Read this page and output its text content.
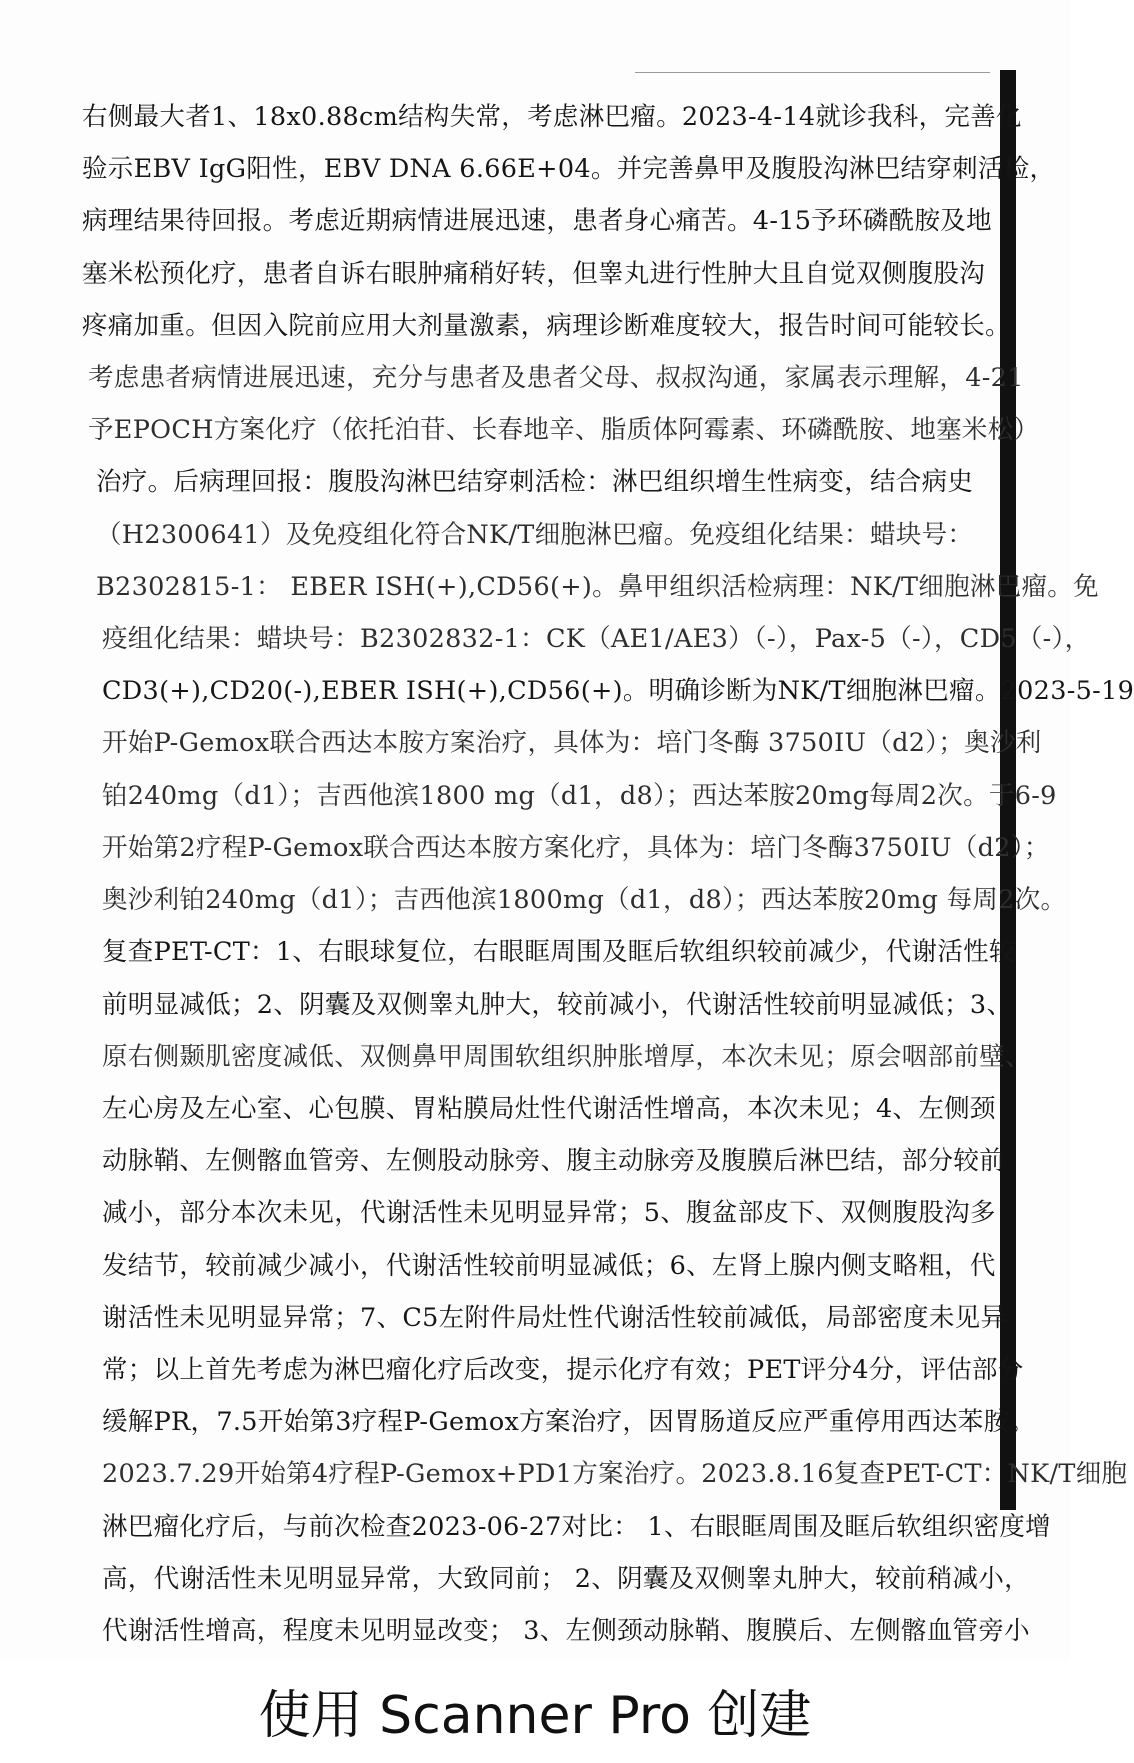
右侧最大者1、18x0.88cm结构失常，考虑淋巴瘤。2023-4-14就诊我科，完善化
验示EBV IgG阳性，EBV DNA 6.66E+04。并完善鼻甲及腹股沟淋巴结穿刺活检，
病理结果待回报。考虑近期病情进展迅速，患者身心痛苦。4-15予环磷酰胺及地
塞米松预化疗，患者自诉右眼肿痛稍好转，但睾丸进行性肿大且自觉双侧腹股沟
疼痛加重。但因入院前应用大剂量激素，病理诊断难度较大，报告时间可能较长。
考虑患者病情进展迅速，充分与患者及患者父母、叔叔沟通，家属表示理解，4-21
予EPOCH方案化疗（依托泊苷、长春地辛、脂质体阿霉素、环磷酰胺、地塞米松）
治疗。后病理回报：腹股沟淋巴结穿刺活检：淋巴组织增生性病变，结合病史
（H2300641）及免疫组化符合NK/T细胞淋巴瘤。免疫组化结果：蜡块号：
B2302815-1： EBER ISH(+),CD56(+)。鼻甲组织活检病理：NK/T细胞淋巴瘤。免
疫组化结果：蜡块号：B2302832-1：CK（AE1/AE3）（-），Pax-5（-），CD5（-），
CD3(+),CD20(-),EBER ISH(+),CD56(+)。明确诊断为NK/T细胞淋巴瘤。2023-5-19
开始P-Gemox联合西达本胺方案治疗，具体为：培门冬酶 3750IU（d2）；奥沙利
铂240mg（d1）；吉西他滨1800 mg（d1，d8）；西达苯胺20mg每周2次。于6-9
开始第2疗程P-Gemox联合西达本胺方案化疗，具体为：培门冬酶3750IU（d2）；
奥沙利铂240mg（d1）；吉西他滨1800mg（d1，d8）；西达苯胺20mg 每周2次。
复查PET-CT：1、右眼球复位，右眼眶周围及眶后软组织较前减少，代谢活性较
前明显减低；2、阴囊及双侧睾丸肿大，较前减小，代谢活性较前明显减低；3、
原右侧颞肌密度减低、双侧鼻甲周围软组织肿胀增厚，本次未见；原会咽部前壁、
左心房及左心室、心包膜、胃粘膜局灶性代谢活性增高，本次未见；4、左侧颈
动脉鞘、左侧髂血管旁、左侧股动脉旁、腹主动脉旁及腹膜后淋巴结，部分较前
减小，部分本次未见，代谢活性未见明显异常；5、腹盆部皮下、双侧腹股沟多
发结节，较前减少减小，代谢活性较前明显减低；6、左肾上腺内侧支略粗，代
谢活性未见明显异常；7、C5左附件局灶性代谢活性较前减低，局部密度未见异
常；以上首先考虑为淋巴瘤化疗后改变，提示化疗有效；PET评分4分，评估部分
缓解PR，7.5开始第3疗程P-Gemox方案治疗，因胃肠道反应严重停用西达苯胺。
2023.7.29开始第4疗程P-Gemox+PD1方案治疗。2023.8.16复查PET-CT：NK/T细胞
淋巴瘤化疗后，与前次检查2023-06-27对比： 1、右眼眶周围及眶后软组织密度增
高，代谢活性未见明显异常，大致同前； 2、阴囊及双侧睾丸肿大，较前稍减小，
代谢活性增高，程度未见明显改变； 3、左侧颈动脉鞘、腹膜后、左侧髂血管旁小
使用 Scanner Pro 创建
